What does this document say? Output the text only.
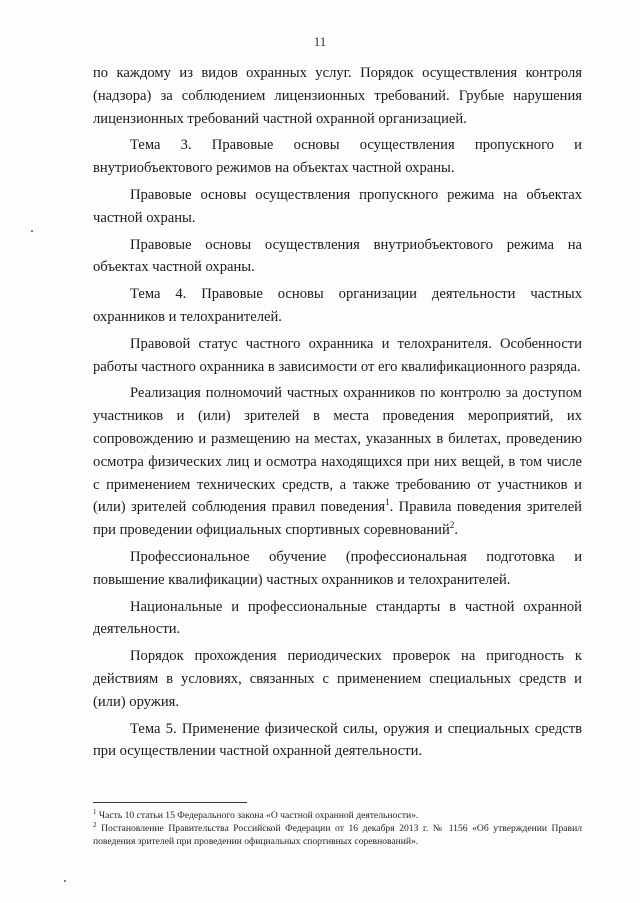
11

по каждому из видов охранных услуг. Порядок осуществления контроля (надзора) за соблюдением лицензионных требований. Грубые нарушения лицензионных требований частной охранной организацией.

Тема 3. Правовые основы осуществления пропускного и внутриобъектового режимов на объектах частной охраны.

Правовые основы осуществления пропускного режима на объектах частной охраны.

Правовые основы осуществления внутриобъектового режима на объектах частной охраны.

Тема 4. Правовые основы организации деятельности частных охранников и телохранителей.

Правовой статус частного охранника и телохранителя. Особенности работы частного охранника в зависимости от его квалификационного разряда.

Реализация полномочий частных охранников по контролю за доступом участников и (или) зрителей в места проведения мероприятий, их сопровождению и размещению на местах, указанных в билетах, проведению осмотра физических лиц и осмотра находящихся при них вещей, в том числе с применением технических средств, а также требованию от участников и (или) зрителей соблюдения правил поведения$^1$. Правила поведения зрителей при проведении официальных спортивных соревнований$^2$.

Профессиональное обучение (профессиональная подготовка и повышение квалификации) частных охранников и телохранителей.

Национальные и профессиональные стандарты в частной охранной деятельности.

Порядок прохождения периодических проверок на пригодность к действиям в условиях, связанных с применением специальных средств и (или) оружия.

Тема 5. Применение физической силы, оружия и специальных средств при осуществлении частной охранной деятельности.

$^1$ Часть 10 статьи 15 Федерального закона «О частной охранной деятельности».

$^2$ Постановление Правительства Российской Федерации от 16 декабря 2013 г. № 1156 «Об утверждении Правил поведения зрителей при проведении официальных спортивных соревнований».
